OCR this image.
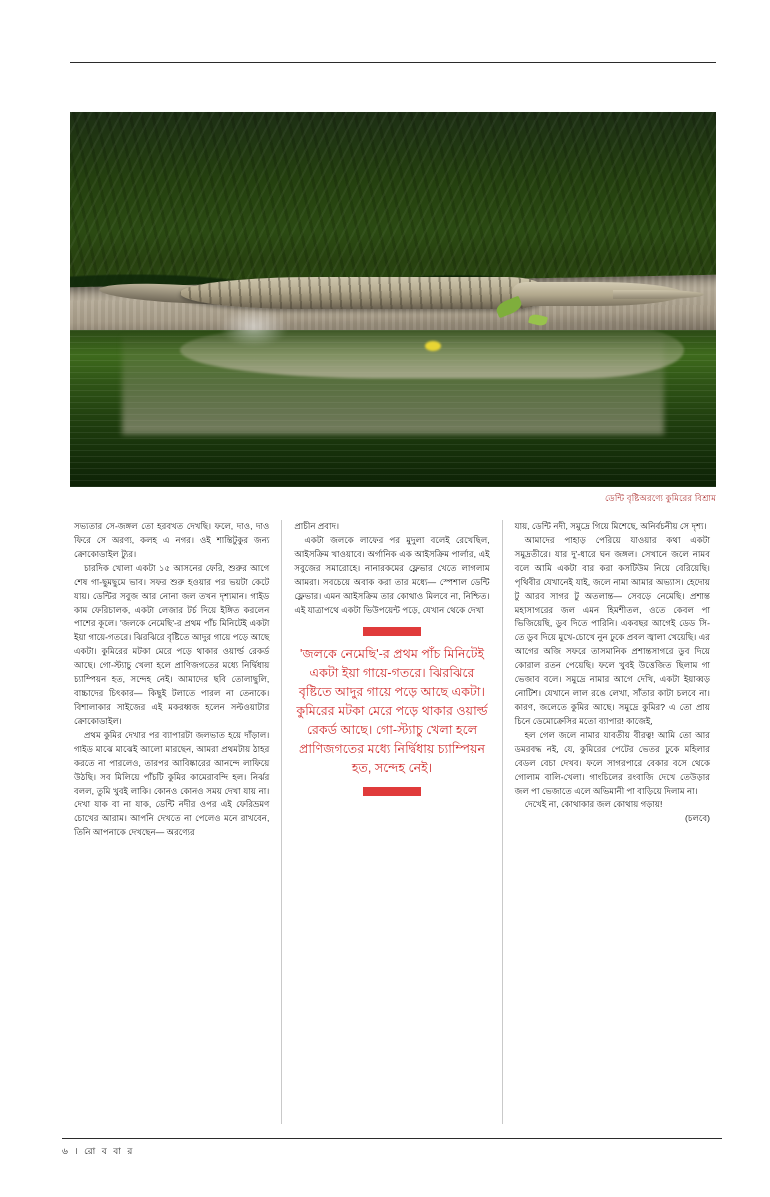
ডেন্টি বৃষ্টিঅরণ্যে কুমিরের বিশ্রাম

সভ্যতার সে-জঙ্গল তো হরবখত দেখছি। ফলে, দাও, দাও ফিরে সে অরণ্য, কলহ এ নগর। ওই শান্তিটুকুর জন্য ক্রোকোডাইল ট্যুর।

চারদিক খোলা একটা ১৫ আসনের ফেরি, শুরুর আগে শেষ গা-ছুমছুমে ভাব। সফর শুরু হওয়ার পর ভয়টা কেটে যায়। ডেন্টির সবুজ আর নোনা জল তখন দৃশ্যমান। গাইড কাম ফেরিচালক, একটা লেজার টর্চ দিয়ে ইঙ্গিত করলেন পাশের কূলে। 'জলকে নেমেছি'-র প্রথম পাঁচ মিনিটেই একটা ইয়া গায়ে-গতরে। ঝিরঝিরে বৃষ্টিতে আদুর গায়ে পড়ে আছে একটা। কুমিরের মটকা মেরে পড়ে থাকার ওয়ার্ল্ড রেকর্ড আছে। গো-স্ট্যাচু খেলা হলে প্রাণিজগতের মধ্যে নির্দ্বিধায় চ্যাম্পিয়ন হত, সন্দেহ নেই। আমাদের ছবি তোলাছুলি, বাচ্চাদের চিৎকার— কিছুই টলাতে পারল না তেনাকে। বিশালাকার সাইজের এই মকরধ্বজ হলেন সল্টওয়াটার ক্রোকোডাইল।

প্রথম কুমির দেখার পর ব্যাপারটা জলভাত হয়ে দাঁড়াল। গাইড মাঝে মাঝেই আলো মারছেন, আমরা প্রথমটায় ঠাহর করতে না পারলেও, তারপর আবিষ্কারের আনন্দে লাফিয়ে উঠছি। সব মিলিয়ে পাঁচটি কুমির কামেরাবন্দি হল। নির্ঝর বলল, তুমি খুবই লাকি। কোনও কোনও সময় দেখা যায় না। দেখা যাক বা না যাক, ডেন্টি নদীর ওপর এই ফেরিভ্রমণ চোখের আরাম। আপনি দেখতে না পেলেও মনে রাখবেন, তিনি আপনাকে দেখছেন— অরণ্যের

প্রাচীন প্রবাদ।

একটা জলকে লাফের পর মুদুলা বলেই রেখেছিল, আইসক্রিম খাওয়াবে। অর্গানিক এক আইসক্রিম পার্লার, এই সবুজের সমারোহে। নানারকমের ফ্লেভার খেতে লাগলাম আমরা। সবচেয়ে অবাক করা তার মধ্যে— স্পেশাল ডেন্টি ফ্লেভার। এমন আইসক্রিম তার কোথাও মিলবে না, নিশ্চিত। এই যাত্রাপথে একটা ভিউপয়েন্ট পড়ে, যেখান থেকে দেখা

'জলকে নেমেছি'-র প্রথম পাঁচ মিনিটেই একটা ইয়া গায়ে-গতরে। ঝিরঝিরে বৃষ্টিতে আদুর গায়ে পড়ে আছে একটা। কুমিরের মটকা মেরে পড়ে থাকার ওয়ার্ল্ড রেকর্ড আছে। গো-স্ট্যাচু খেলা হলে প্রাণিজগতের মধ্যে নির্দ্বিধায় চ্যাম্পিয়ন হত, সন্দেহ নেই।

যায়, ডেন্টি নদী, সমুদ্রে গিয়ে মিশেছে, অনির্বচনীয় সে দৃশ্য।

আমাদের পাহাড় পেরিয়ে যাওয়ার কথা একটা সমুদ্রতীরে। যার দু'-ধারে ঘন জঙ্গল। সেখানে জলে নামব বলে আমি একটা বার করা কসটিউম নিয়ে বেরিয়েছি। পৃথিবীর যেখানেই যাই, জলে নামা আমার অভ্যাস। হেদোয় টু আরব সাগর টু অতলান্ত— সেবড়ে নেমেছি। প্রশান্ত মহাসাগরের জল এমন হিমশীতল, ওতে কেবল পা ভিজিয়েছি, ডুব দিতে পারিনি। একবছর আগেই ডেড সি-তে ডুব দিয়ে মুখে-চোখে নুন ঢুকে প্রবল জ্বালা খেয়েছি। এর আগের অজি সফরে তাসমানিক প্রশান্তসাগরে ডুব দিয়ে কোরাল রতন পেয়েছি। ফলে খুবই উত্তেজিত ছিলাম গা ভেজাব বলে। সমুদ্রে নামার আগে দেখি, একটা ইয়াব্বড় নোটিশ। যেখানে লাল রঙে লেখা, সাঁতার কাটা চলবে না। কারণ, জলেতে কুমির আছে। সমুদ্রে কুমির? এ তো প্রায় চিনে ডেমোক্রেসির মতো ব্যাপার! কাজেই,

হল গেল জলে নামার যাবতীয় বীরত্ব! আমি তো আর ডমরবদ্ধ নই, যে, কুমিরের পেটের ভেতর ঢুকে মহিলার বেডল বেচা দেখব। ফলে সাগরপারে বেকার বসে থেকে গোলাম বালি-খেলা। গাংচিলের রংবাজি দেখে তেউড়ার জল পা ভেজাতে এলে অভিমানী পা বাড়িয়ে দিলাম না।

দেখেই না, কোথাকার জল কোথায় গড়ায়!

(চলবে)

৬ । রো ব বা র
